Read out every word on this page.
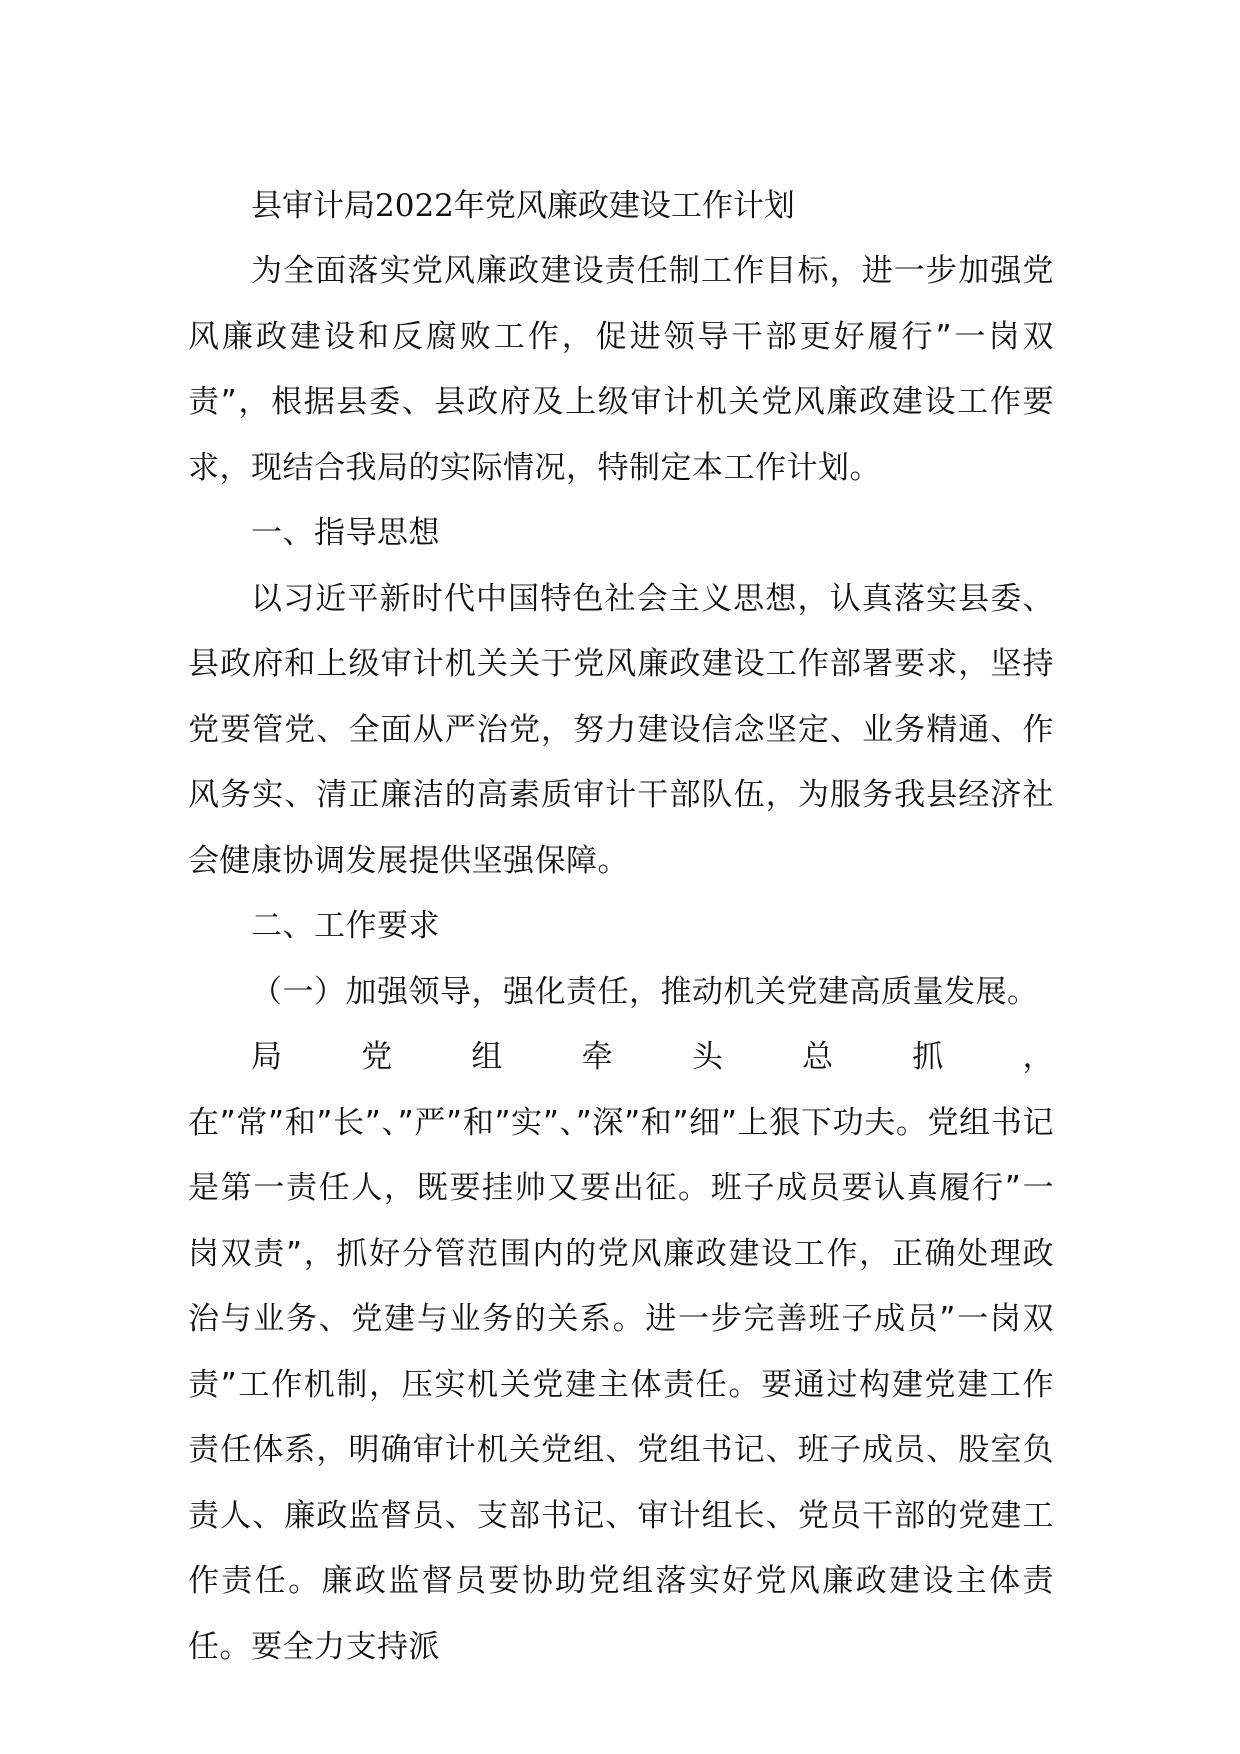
县审计局2022年党风廉政建设工作计划

为全面落实党风廉政建设责任制工作目标，进一步加强党风廉政建设和反腐败工作，促进领导干部更好履行”一岗双责”，根据县委、县政府及上级审计机关党风廉政建设工作要求，现结合我局的实际情况，特制定本工作计划。

一、指导思想

以习近平新时代中国特色社会主义思想，认真落实县委、县政府和上级审计机关关于党风廉政建设工作部署要求，坚持党要管党、全面从严治党，努力建设信念坚定、业务精通、作风务实、清正廉洁的高素质审计干部队伍，为服务我县经济社会健康协调发展提供坚强保障。

二、工作要求

（一）加强领导，强化责任，推动机关党建高质量发展。

局党组牵头总抓，在”常”和”长”、”严”和”实”、”深”和”细”上狠下功夫。党组书记是第一责任人，既要挂帅又要出征。班子成员要认真履行”一岗双责”，抓好分管范围内的党风廉政建设工作，正确处理政治与业务、党建与业务的关系。进一步完善班子成员”一岗双责”工作机制，压实机关党建主体责任。要通过构建党建工作责任体系，明确审计机关党组、党组书记、班子成员、股室负责人、廉政监督员、支部书记、审计组长、党员干部的党建工作责任。廉政监督员要协助党组落实好党风廉政建设主体责任。要全力支持派
